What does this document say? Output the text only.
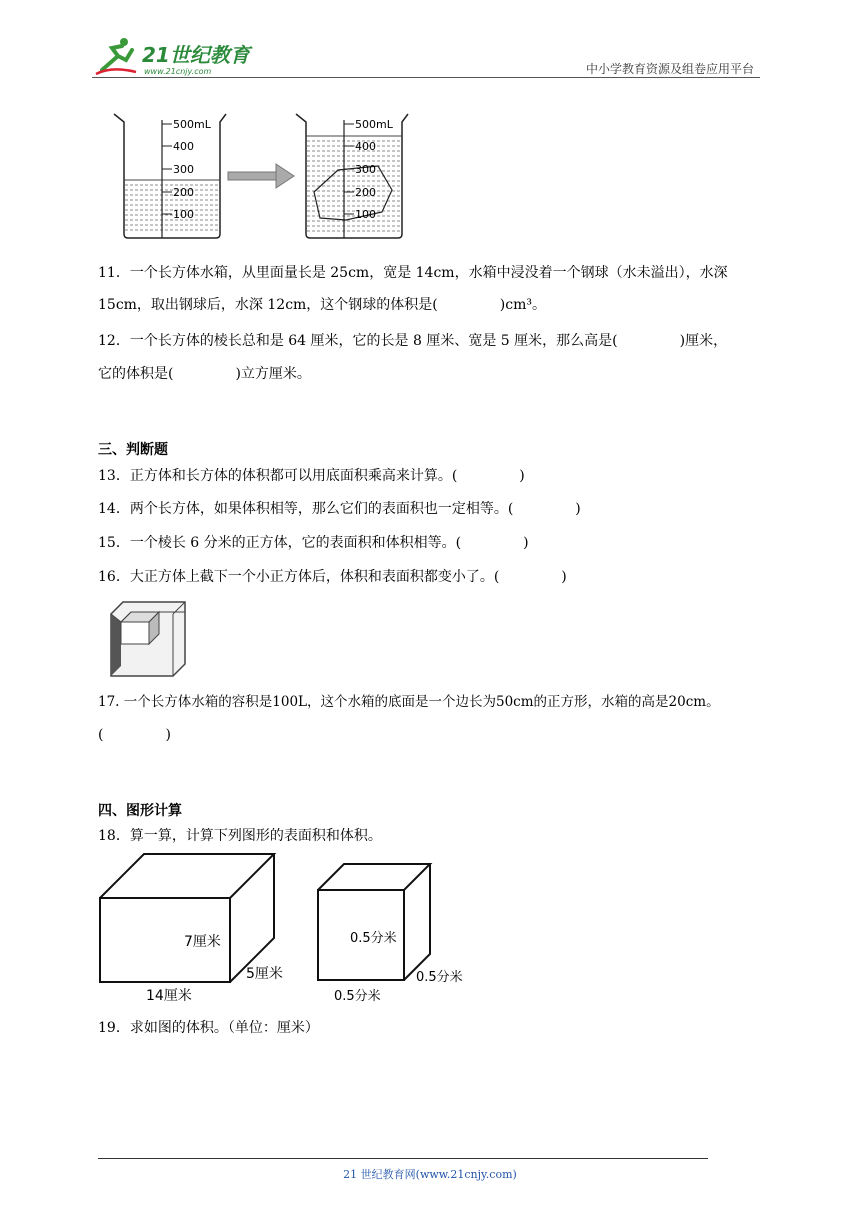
21世纪教育
www.21cnjy.com	中小学教育资源及组卷应用平台
500mL
400
300
200
100
500mL
400
300
200
100
11．一个长方体水箱，从里面量长是 25cm，宽是 14cm，水箱中浸没着一个钢球（水未溢出），水深
15cm，取出钢球后，水深 12cm，这个钢球的体积是(	)cm³。
12．一个长方体的棱长总和是 64 厘米，它的长是 8 厘米、宽是 5 厘米，那么高是(	)厘米，
它的体积是(	)立方厘米。
三、判断题
13．正方体和长方体的体积都可以用底面积乘高来计算。(	)
14．两个长方体，如果体积相等，那么它们的表面积也一定相等。(	)
15．一个棱长 6 分米的正方体，它的表面积和体积相等。(	)
16．大正方体上截下一个小正方体后，体积和表面积都变小了。(	)
17. 一个长方体水箱的容积是100L，这个水箱的底面是一个边长为50cm的正方形，水箱的高是20cm。
(	)
四、图形计算
18．算一算，计算下列图形的表面积和体积。
7厘米
5厘米
14厘米
0.5分米
0.5分米
0.5分米
19．求如图的体积。（单位：厘米）
21 世纪教育网(www.21cnjy.com)
